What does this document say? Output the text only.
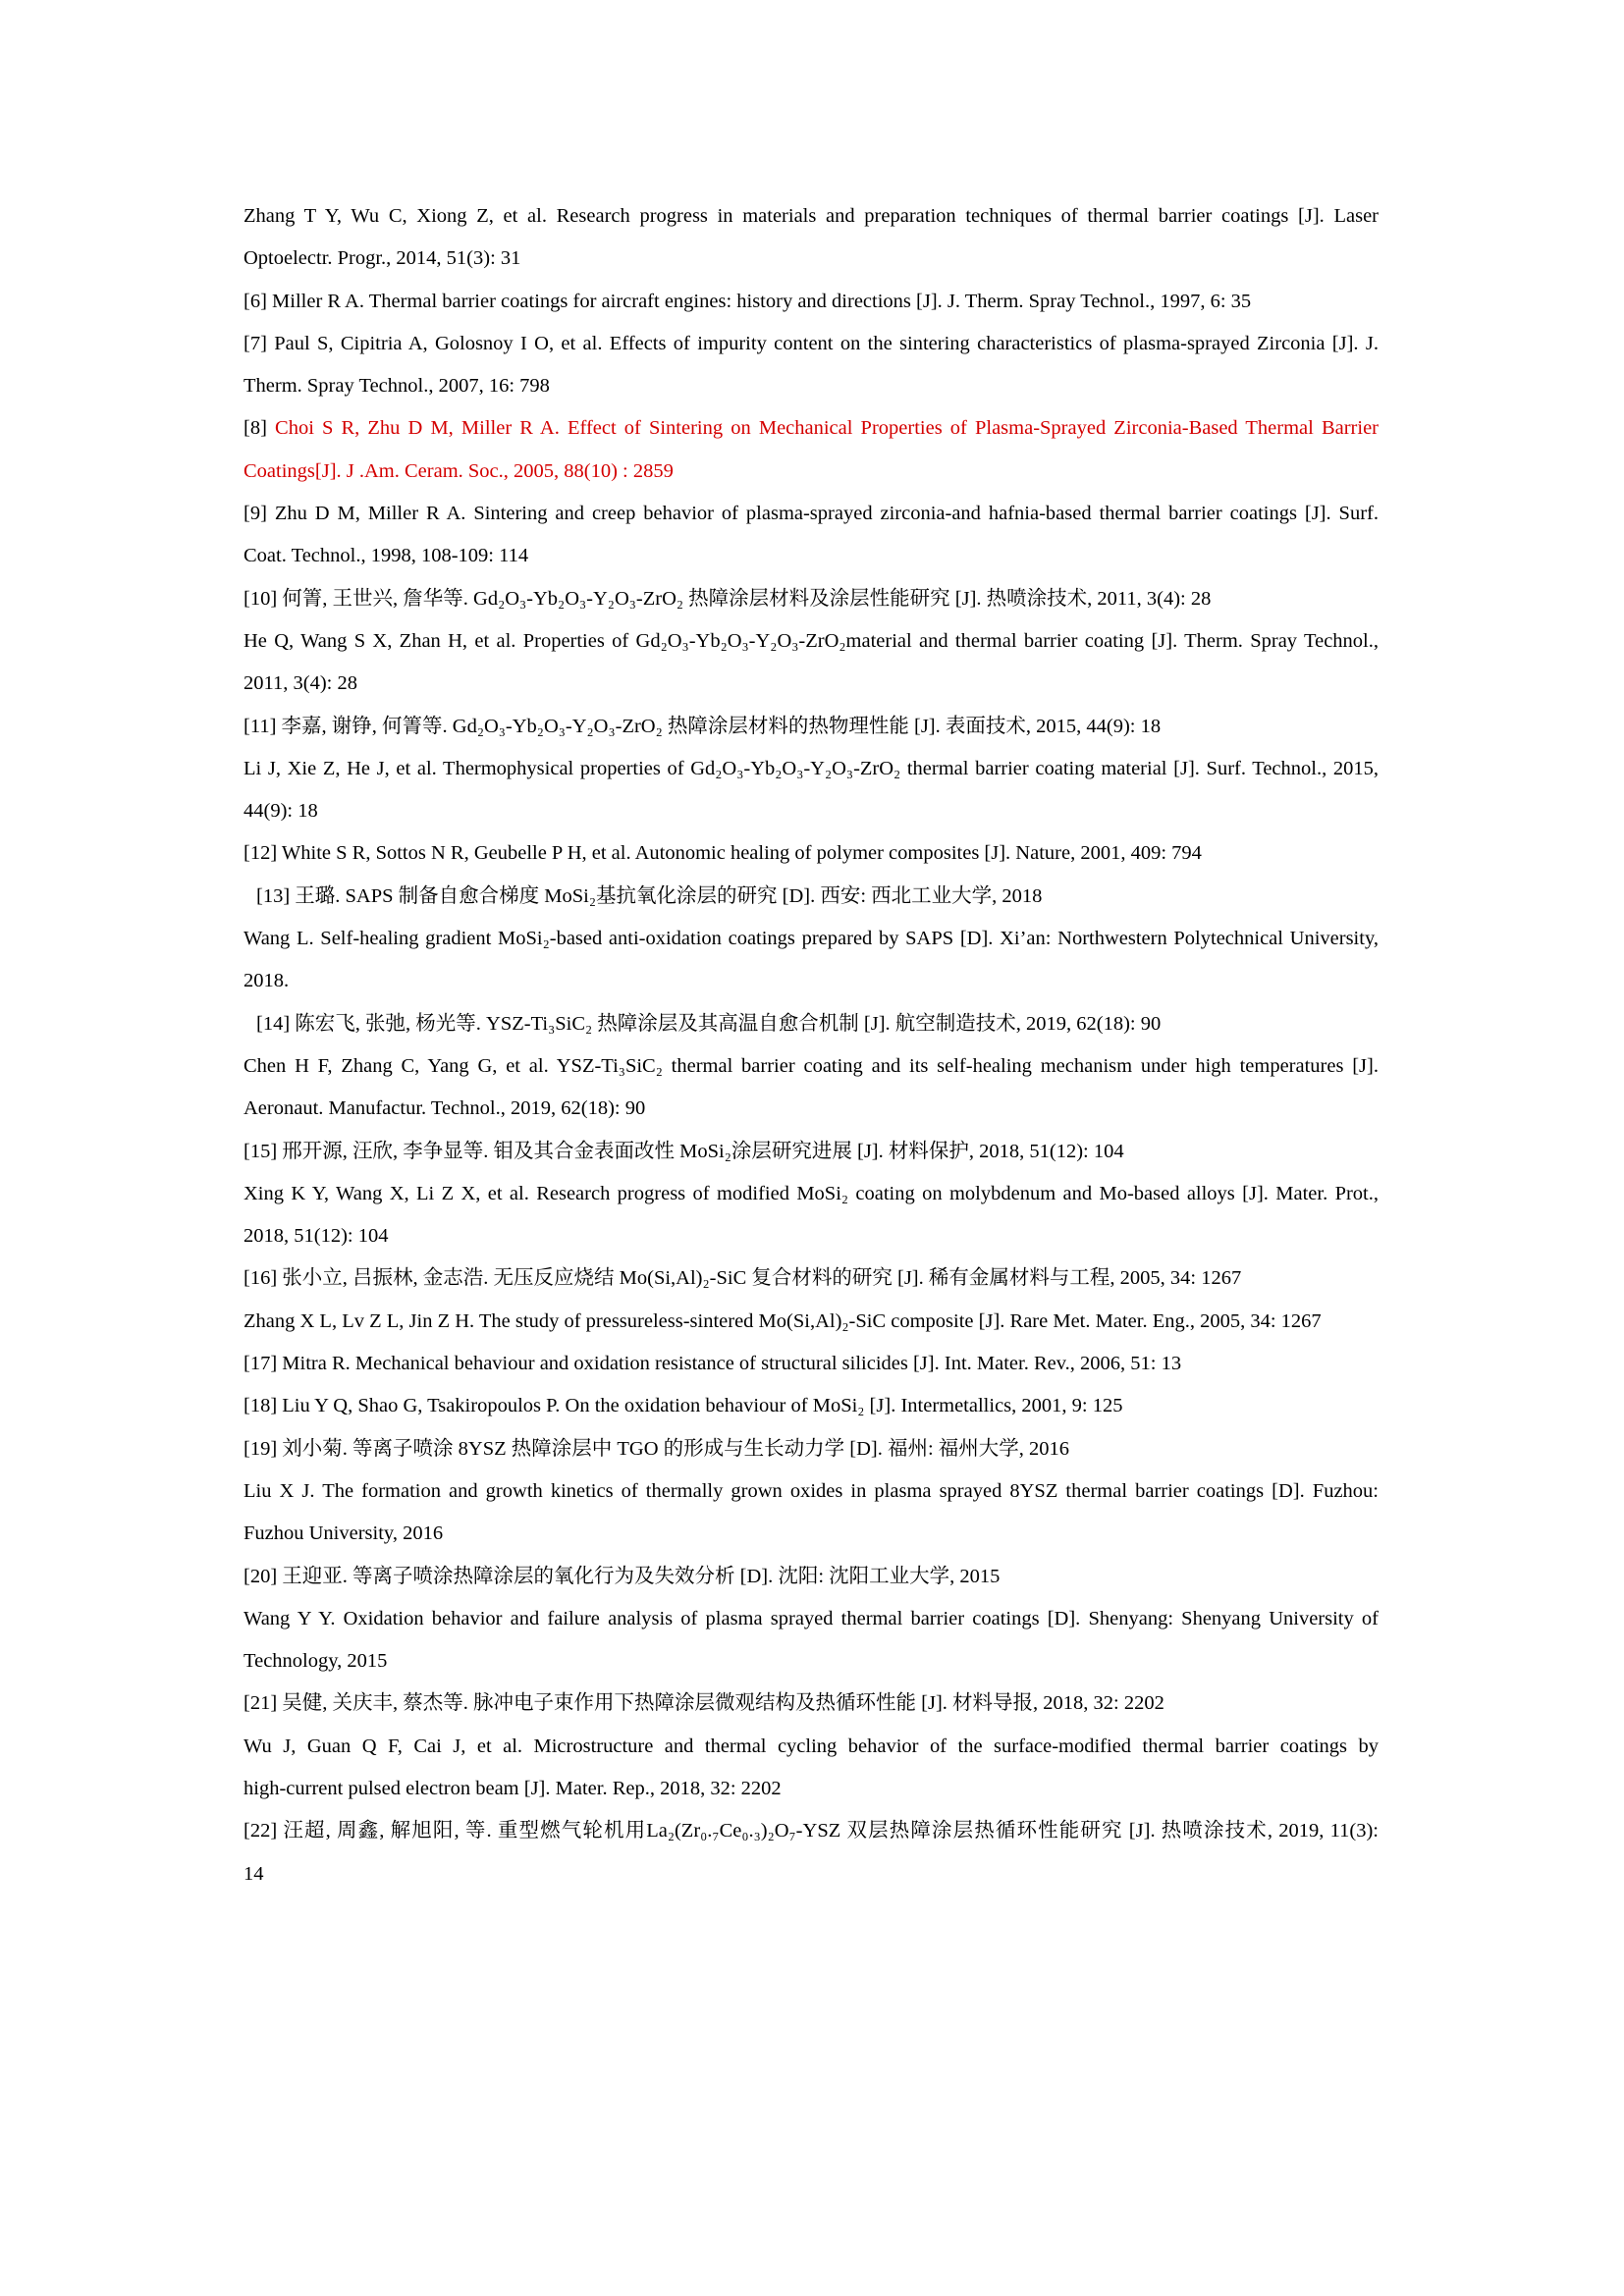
Zhang T Y, Wu C, Xiong Z, et al. Research progress in materials and preparation techniques of thermal barrier coatings [J]. Laser
Optoelectr. Progr., 2014, 51(3): 31
[6] Miller R A. Thermal barrier coatings for aircraft engines: history and directions [J]. J. Therm. Spray Technol., 1997, 6: 35
[7] Paul S, Cipitria A, Golosnoy I O, et al. Effects of impurity content on the sintering characteristics of plasma-sprayed Zirconia [J]. J.
Therm. Spray Technol., 2007, 16: 798
[8] Choi S R, Zhu D M, Miller R A. Effect of Sintering on Mechanical Properties of Plasma-Sprayed Zirconia-Based Thermal Barrier
Coatings[J]. J .Am. Ceram. Soc., 2005, 88(10) : 2859
[9] Zhu D M, Miller R A. Sintering and creep behavior of plasma-sprayed zirconia-and hafnia-based thermal barrier coatings [J]. Surf.
Coat. Technol., 1998, 108-109: 114
[10] 何箐, 王世兴, 詹华等. Gd₂O₃-Yb₂O₃-Y₂O₃-ZrO₂ 热障涂层材料及涂层性能研究 [J]. 热喷涂技术, 2011, 3(4): 28
He Q, Wang S X, Zhan H, et al. Properties of Gd₂O₃-Yb₂O₃-Y₂O₃-ZrO₂material and thermal barrier coating [J]. Therm. Spray Technol.,
2011, 3(4): 28
[11] 李嘉, 谢铮, 何箐等. Gd₂O₃-Yb₂O₃-Y₂O₃-ZrO₂ 热障涂层材料的热物理性能 [J]. 表面技术, 2015, 44(9): 18
Li J, Xie Z, He J, et al. Thermophysical properties of Gd₂O₃-Yb₂O₃-Y₂O₃-ZrO₂ thermal barrier coating material [J]. Surf. Technol., 2015,
44(9): 18
[12] White S R, Sottos N R, Geubelle P H, et al. Autonomic healing of polymer composites [J]. Nature, 2001, 409: 794
[13] 王璐. SAPS 制备自愈合梯度 MoSi₂基抗氧化涂层的研究 [D]. 西安: 西北工业大学, 2018
Wang L. Self-healing gradient MoSi₂-based anti-oxidation coatings prepared by SAPS [D]. Xi’an: Northwestern Polytechnical University,
2018.
[14] 陈宏飞, 张弛, 杨光等. YSZ-Ti₃SiC₂ 热障涂层及其高温自愈合机制 [J]. 航空制造技术, 2019, 62(18): 90
Chen H F, Zhang C, Yang G, et al. YSZ-Ti₃SiC₂ thermal barrier coating and its self-healing mechanism under high temperatures [J].
Aeronaut. Manufactur. Technol., 2019, 62(18): 90
[15] 邢开源, 汪欣, 李争显等. 钼及其合金表面改性 MoSi₂涂层研究进展 [J]. 材料保护, 2018, 51(12): 104
Xing K Y, Wang X, Li Z X, et al. Research progress of modified MoSi₂ coating on molybdenum and Mo-based alloys [J]. Mater. Prot.,
2018, 51(12): 104
[16] 张小立, 吕振林, 金志浩. 无压反应烧结 Mo(Si,Al)₂-SiC 复合材料的研究 [J]. 稀有金属材料与工程, 2005, 34: 1267
Zhang X L, Lv Z L, Jin Z H. The study of pressureless-sintered Mo(Si,Al)₂-SiC composite [J]. Rare Met. Mater. Eng., 2005, 34: 1267
[17] Mitra R. Mechanical behaviour and oxidation resistance of structural silicides [J]. Int. Mater. Rev., 2006, 51: 13
[18] Liu Y Q, Shao G, Tsakiropoulos P. On the oxidation behaviour of MoSi₂ [J]. Intermetallics, 2001, 9: 125
[19] 刘小菊. 等离子喷涂 8YSZ 热障涂层中 TGO 的形成与生长动力学 [D]. 福州: 福州大学, 2016
Liu X J. The formation and growth kinetics of thermally grown oxides in plasma sprayed 8YSZ thermal barrier coatings [D]. Fuzhou:
Fuzhou University, 2016
[20] 王迎亚. 等离子喷涂热障涂层的氧化行为及失效分析 [D]. 沈阳: 沈阳工业大学, 2015
Wang Y Y. Oxidation behavior and failure analysis of plasma sprayed thermal barrier coatings [D]. Shenyang: Shenyang University of
Technology, 2015
[21] 吴健, 关庆丰, 蔡杰等. 脉冲电子束作用下热障涂层微观结构及热循环性能 [J]. 材料导报, 2018, 32: 2202
Wu J, Guan Q F, Cai J, et al. Microstructure and thermal cycling behavior of the surface-modified thermal barrier coatings by
high-current pulsed electron beam [J]. Mater. Rep., 2018, 32: 2202
[22] 汪超, 周鑫, 解旭阳, 等. 重型燃气轮机用La₂(Zr₀.₇Ce₀.₃)₂O₇-YSZ 双层热障涂层热循环性能研究 [J]. 热喷涂技术, 2019, 11(3):
14
